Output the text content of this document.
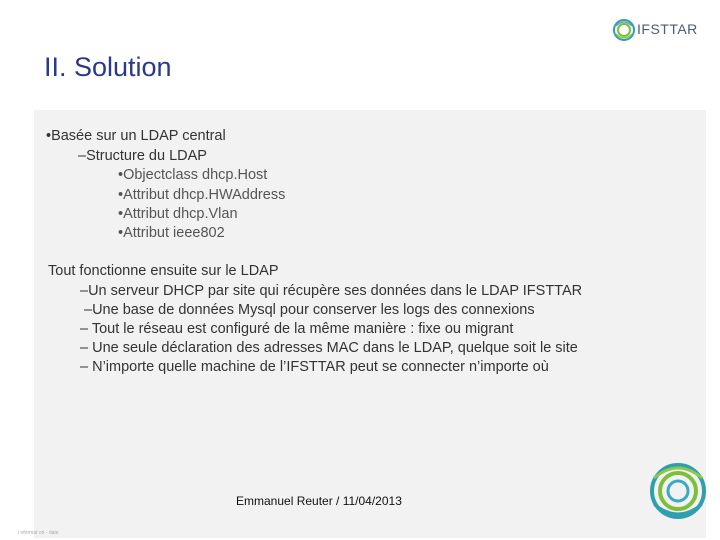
IFSTTAR
II. Solution
•Basée sur un LDAP central
–Structure du LDAP
•Objectclass dhcp.Host
•Attribut dhcp.HWAddress
•Attribut dhcp.Vlan
•Attribut ieee802
Tout fonctionne ensuite sur le LDAP
–Un serveur DHCP par site qui récupère ses données dans le LDAP IFSTTAR
–Une base de données Mysql pour conserver les logs des connexions
– Tout le réseau est configuré de la même manière : fixe ou migrant
– Une seule déclaration des adresses MAC dans le LDAP, quelque soit le site
– N’importe quelle machine de l’IFSTTAR peut se connecter n’importe où
Emmanuel Reuter / 11/04/2013
i nformat ori - date
